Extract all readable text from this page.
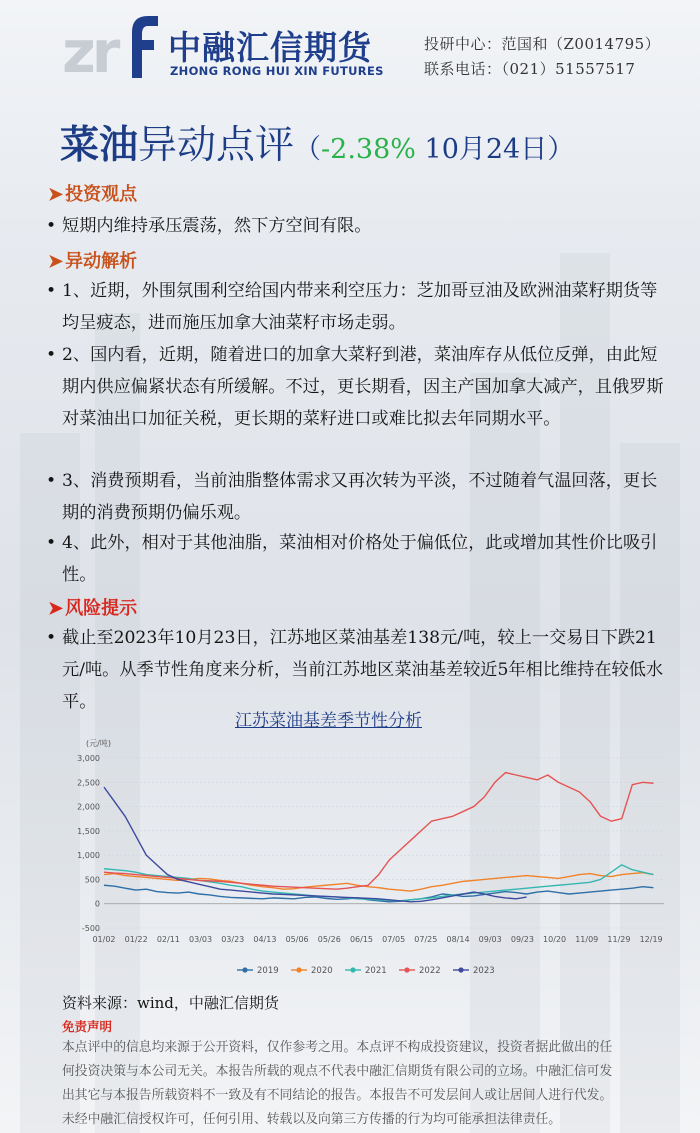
zr 中融汇信期货
ZHONG RONG HUI XIN FUTURES
投研中心：范国和（Z0014795）
联系电话：（021）51557517
菜油异动点评（-2.38% 10月24日）
➤ 投资观点
• 短期内维持承压震荡，然下方空间有限。
➤ 异动解析
• 1、近期，外围氛围利空给国内带来利空压力：芝加哥豆油及欧洲油菜籽期货等均呈疲态，进而施压加拿大油菜籽市场走弱。
• 2、国内看，近期，随着进口的加拿大菜籽到港，菜油库存从低位反弹，由此短期内供应偏紧状态有所缓解。不过，更长期看，因主产国加拿大减产，且俄罗斯对菜油出口加征关税，更长期的菜籽进口或难比拟去年同期水平。
• 3、消费预期看，当前油脂整体需求又再次转为平淡，不过随着气温回落，更长期的消费预期仍偏乐观。
• 4、此外，相对于其他油脂，菜油相对价格处于偏低位，此或增加其性价比吸引性。
➤ 风险提示
• 截止至2023年10月23日，江苏地区菜油基差138元/吨，较上一交易日下跌21元/吨。从季节性角度来分析，当前江苏地区菜油基差较近5年相比维持在较低水平。
江苏菜油基差季节性分析
(元/吨)
-500
0
500
1,000
1,500
2,000
2,500
3,000
01/02 01/22 02/11 03/03 03/23 04/13 05/06 05/26 06/15 07/05 07/25 08/14 09/03 09/23 10/20 11/09 11/29 12/19
2019	2020	2021	2022	2023
资料来源：wind，中融汇信期货
免责声明
本点评中的信息均来源于公开资料，仅作参考之用。本点评不构成投资建议，投资者据此做出的任
何投资决策与本公司无关。本报告所载的观点不代表中融汇信期货有限公司的立场。中融汇信可发
出其它与本报告所载资料不一致及有不同结论的报告。本报告不可发层间人或让居间人进行代发。
未经中融汇信授权许可，任何引用、转载以及向第三方传播的行为均可能承担法律责任。
